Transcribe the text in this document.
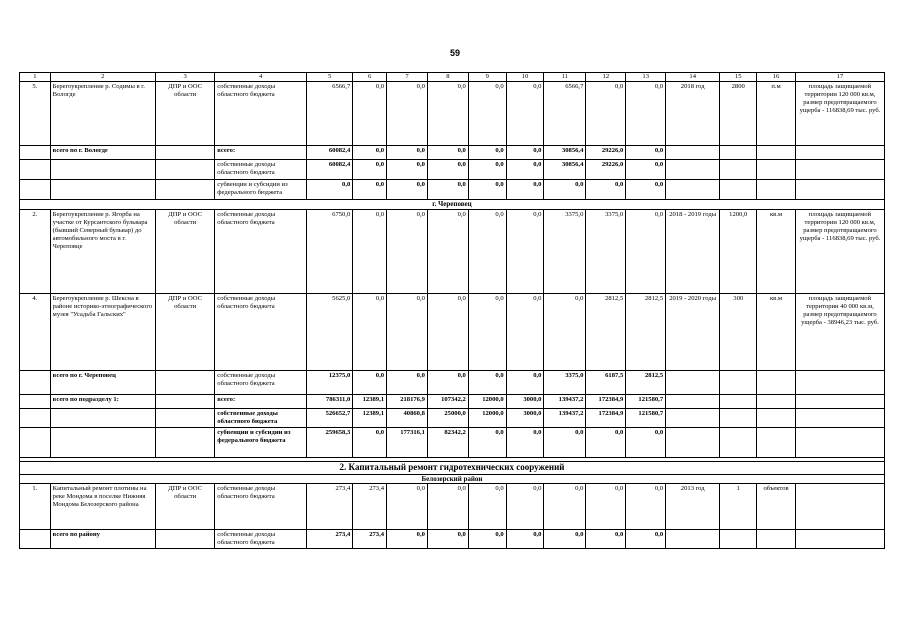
59
1	2	3	4	5	6	7	8	9	10	11	12	13	14	15	16	17
5.	Берегоукрепление р. Содимы в г. Вологде	ДПР и ООС области	собственные доходы областного бюджета	6566,7	0,0	0,0	0,0	0,0	0,0	6566,7	0,0	0,0	2018 год	2800	п.м	площадь защищаемой территории 120 000 кв.м, размер предотвращаемого ущерба - 116838,69 тыс. руб.
	всего по г. Вологде		всего:	60082,4	0,0	0,0	0,0	0,0	0,0	30856,4	29226,0	0,0				
			собственные доходы областного бюджета	60082,4	0,0	0,0	0,0	0,0	0,0	30856,4	29226,0	0,0				
			субвенции и субсидии из федерального бюджета	0,0	0,0	0,0	0,0	0,0	0,0	0,0	0,0	0,0				
г. Череповец																
2.	Берегоукрепление р. Ягорба на участке от Курсантского бульвара (бывший Северный бульвар) до автомобильного моста в г. Череповце	ДПР и ООС области	собственные доходы областного бюджета	6750,0	0,0	0,0	0,0	0,0	0,0	3375,0	3375,0	0,0	2018 - 2019 годы	1200,0	кв.м	площадь защищаемой территории 120 000 кв.м, размер предотвращаемого ущерба - 116838,69 тыс. руб.
4.	Берегоукрепление р. Шексна в районе историко-этнографического музея "Усадьба Гальских"	ДПР и ООС области	собственные доходы областного бюджета	5625,0	0,0	0,0	0,0	0,0	0,0	0,0	2812,5	2812,5	2019 - 2020 годы	300	кв.м	площадь защищаемой территории 40 000 кв.м, размер предотвращаемого ущерба - 38946,23 тыс. руб.
	всего по г. Череповец		собственные доходы областного бюджета	12375,0	0,0	0,0	0,0	0,0	0,0	3375,0	6187,5	2812,5				
	всего по подразделу 1:		всего:	786311,0	12389,1	218176,9	107342,2	12000,0	3000,0	139437,2	172384,9	121580,7				
			собственные доходы областного бюджета	526652,7	12389,1	40860,8	25000,0	12000,0	3000,0	139437,2	172384,9	121580,7				
			субвенции и субсидии из федерального бюджета	259658,3	0,0	177316,1	82342,2	0,0	0,0	0,0	0,0	0,0				

2. Капитальный ремонт гидротехнических сооружений																
Белозерский район																
1.	Капитальный ремонт плотины на реке Мондома в поселке Нижняя Мондома Белозерского района	ДПР и ООС области	собственные доходы областного бюджета	273,4	273,4	0,0	0,0	0,0	0,0	0,0	0,0	0,0	2013 год	1	объектов	
	всего по району		собственные доходы областного бюджета	273,4	273,4	0,0	0,0	0,0	0,0	0,0	0,0	0,0				
